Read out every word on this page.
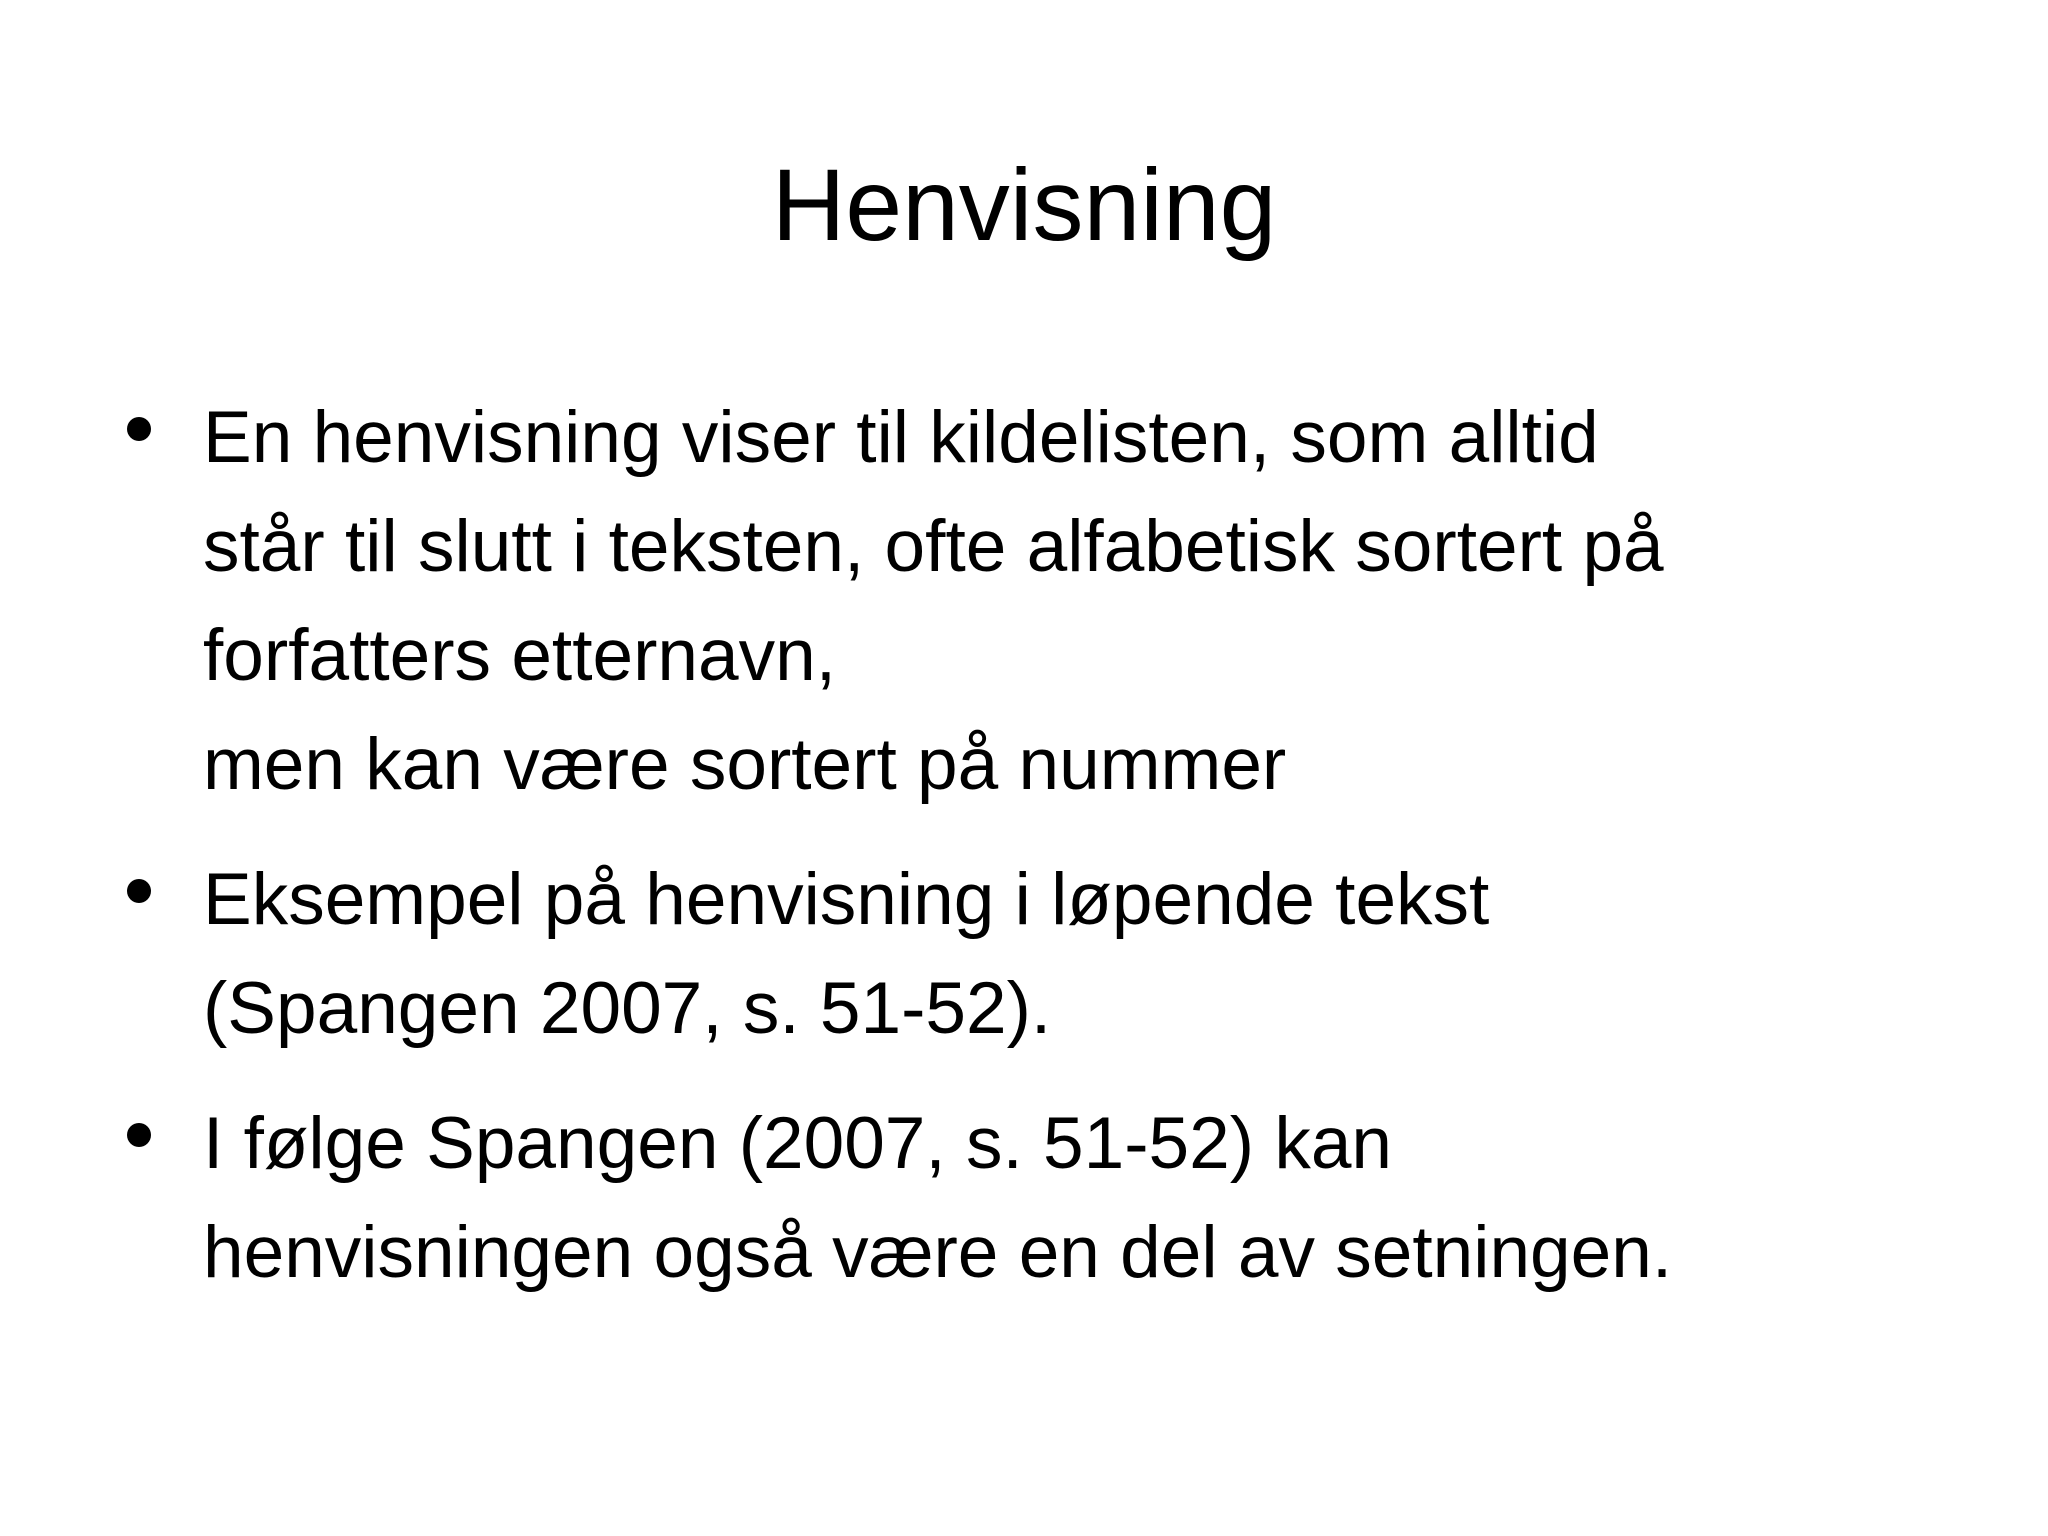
Henvisning
En henvisning viser til kildelisten, som alltid
står til slutt i teksten, ofte alfabetisk sortert på
forfatters etternavn,
men kan være sortert på nummer
Eksempel på henvisning i løpende tekst
(Spangen 2007, s. 51-52).
I følge Spangen (2007, s. 51-52) kan
henvisningen også være en del av setningen.
